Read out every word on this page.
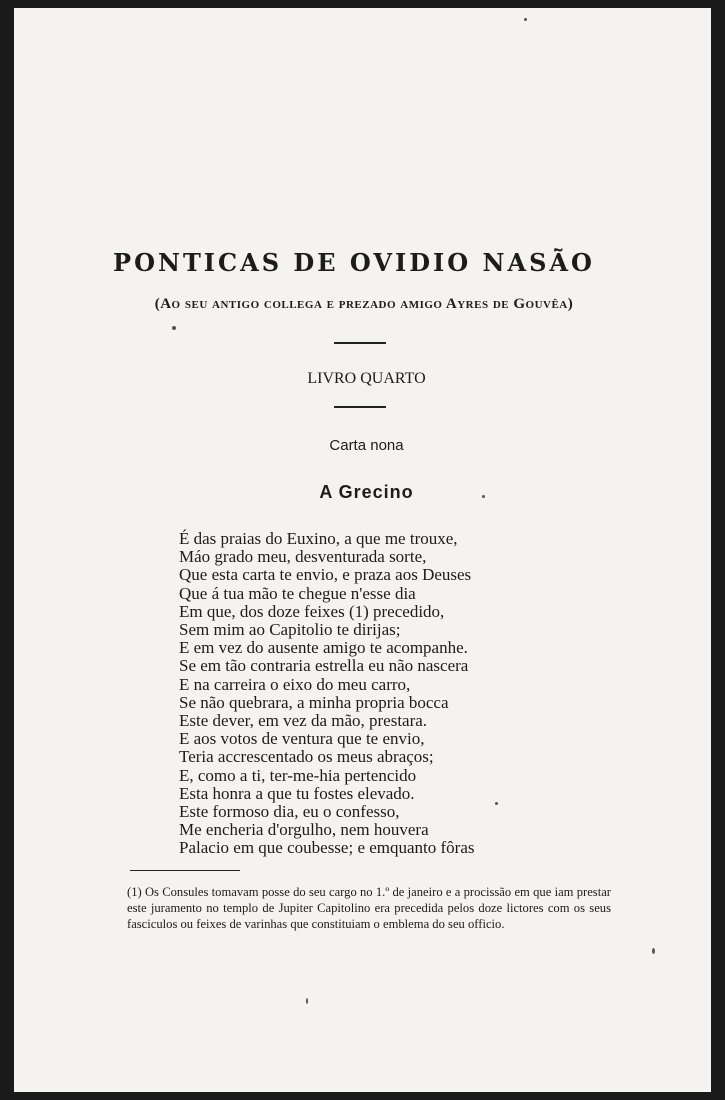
PONTICAS DE OVIDIO NASÃO
(Ao seu antigo collega e prezado amigo Ayres de Gouvêa)
LIVRO QUARTO
Carta nona
A Grecino
É das praias do Euxino, a que me trouxe,
Máo grado meu, desventurada sorte,
Que esta carta te envio, e praza aos Deuses
Que á tua mão te chegue n'esse dia
Em que, dos doze feixes (1) precedido,
Sem mim ao Capitolio te dirijas;
E em vez do ausente amigo te acompanhe.
Se em tão contraria estrella eu não nascera
E na carreira o eixo do meu carro,
Se não quebrara, a minha propria bocca
Este dever, em vez da mão, prestara.
E aos votos de ventura que te envio,
Teria accrescentado os meus abraços;
E, como a ti, ter-me-hia pertencido
Esta honra a que tu fostes elevado.
Este formoso dia, eu o confesso,
Me encheria d'orgulho, nem houvera
Palacio em que coubesse; e emquanto fôras
(1) Os Consules tomavam posse do seu cargo no 1.º de janeiro e a procissão em que iam prestar este juramento no templo de Jupiter Capitolino era precedida pelos doze lictores com os seus fasciculos ou feixes de varinhas que constituiam o emblema do seu officio.
